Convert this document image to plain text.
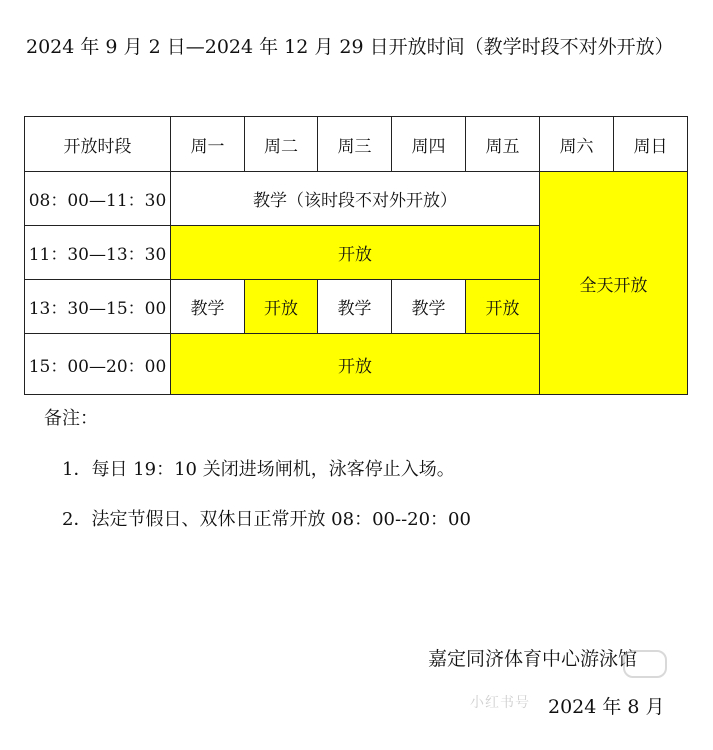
2024 年 9 月 2 日—2024 年 12 月 29 日开放时间（教学时段不对外开放）

开放时段	周一	周二	周三	周四	周五	周六	周日
08：00—11：30	教学（该时段不对外开放）					全天开放	
11：30—13：30	开放						
13：30—15：00	教学	开放	教学	教学	开放		
15：00—20：00	开放						

备注：

1．每日 19：10 关闭进场闸机，泳客停止入场。

2．法定节假日、双休日正常开放 08：00--20：00

嘉定同济体育中心游泳馆

小红书号 2024 年 8 月
